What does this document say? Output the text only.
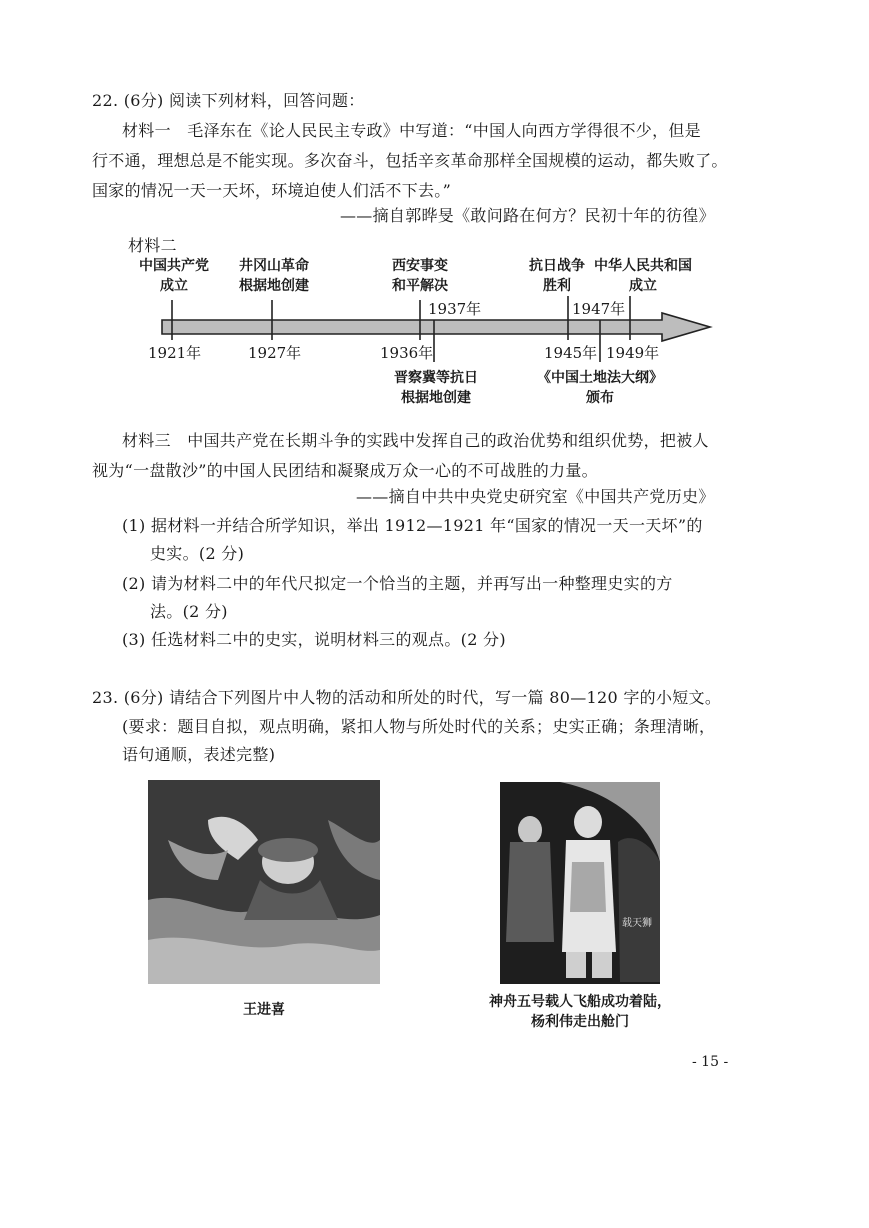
22. (6分) 阅读下列材料，回答问题：
材料一　毛泽东在《论人民民主专政》中写道：“中国人向西方学得很不少，但是
行不通，理想总是不能实现。多次奋斗，包括辛亥革命那样全国规模的运动，都失败了。
国家的情况一天一天坏，环境迫使人们活不下去。”
——摘自郭晔旻《敢问路在何方？民初十年的彷徨》
材料二
中国共产党
成立
井冈山革命
根据地创建
西安事变
和平解决
抗日战争
胜利
中华人民共和国
成立
1937年	1947年
1921年	1927年	1936年	1945年 1949年
晋察冀等抗日
根据地创建
《中国土地法大纲》
颁布
材料三　中国共产党在长期斗争的实践中发挥自己的政治优势和组织优势，把被人
视为“一盘散沙”的中国人民团结和凝聚成万众一心的不可战胜的力量。
——摘自中共中央党史研究室《中国共产党历史》
(1) 据材料一并结合所学知识，举出 1912—1921 年“国家的情况一天一天坏”的
史实。(2 分)
(2) 请为材料二中的年代尺拟定一个恰当的主题，并再写出一种整理史实的方
法。(2 分)
(3) 任选材料二中的史实，说明材料三的观点。(2 分)
23. (6分) 请结合下列图片中人物的活动和所处的时代，写一篇 80—120 字的小短文。
(要求：题目自拟，观点明确，紧扣人物与所处时代的关系；史实正确；条理清晰，
语句通顺，表述完整)
王进喜
载天狮
神舟五号载人飞船成功着陆，
杨利伟走出舱门
- 15 -
